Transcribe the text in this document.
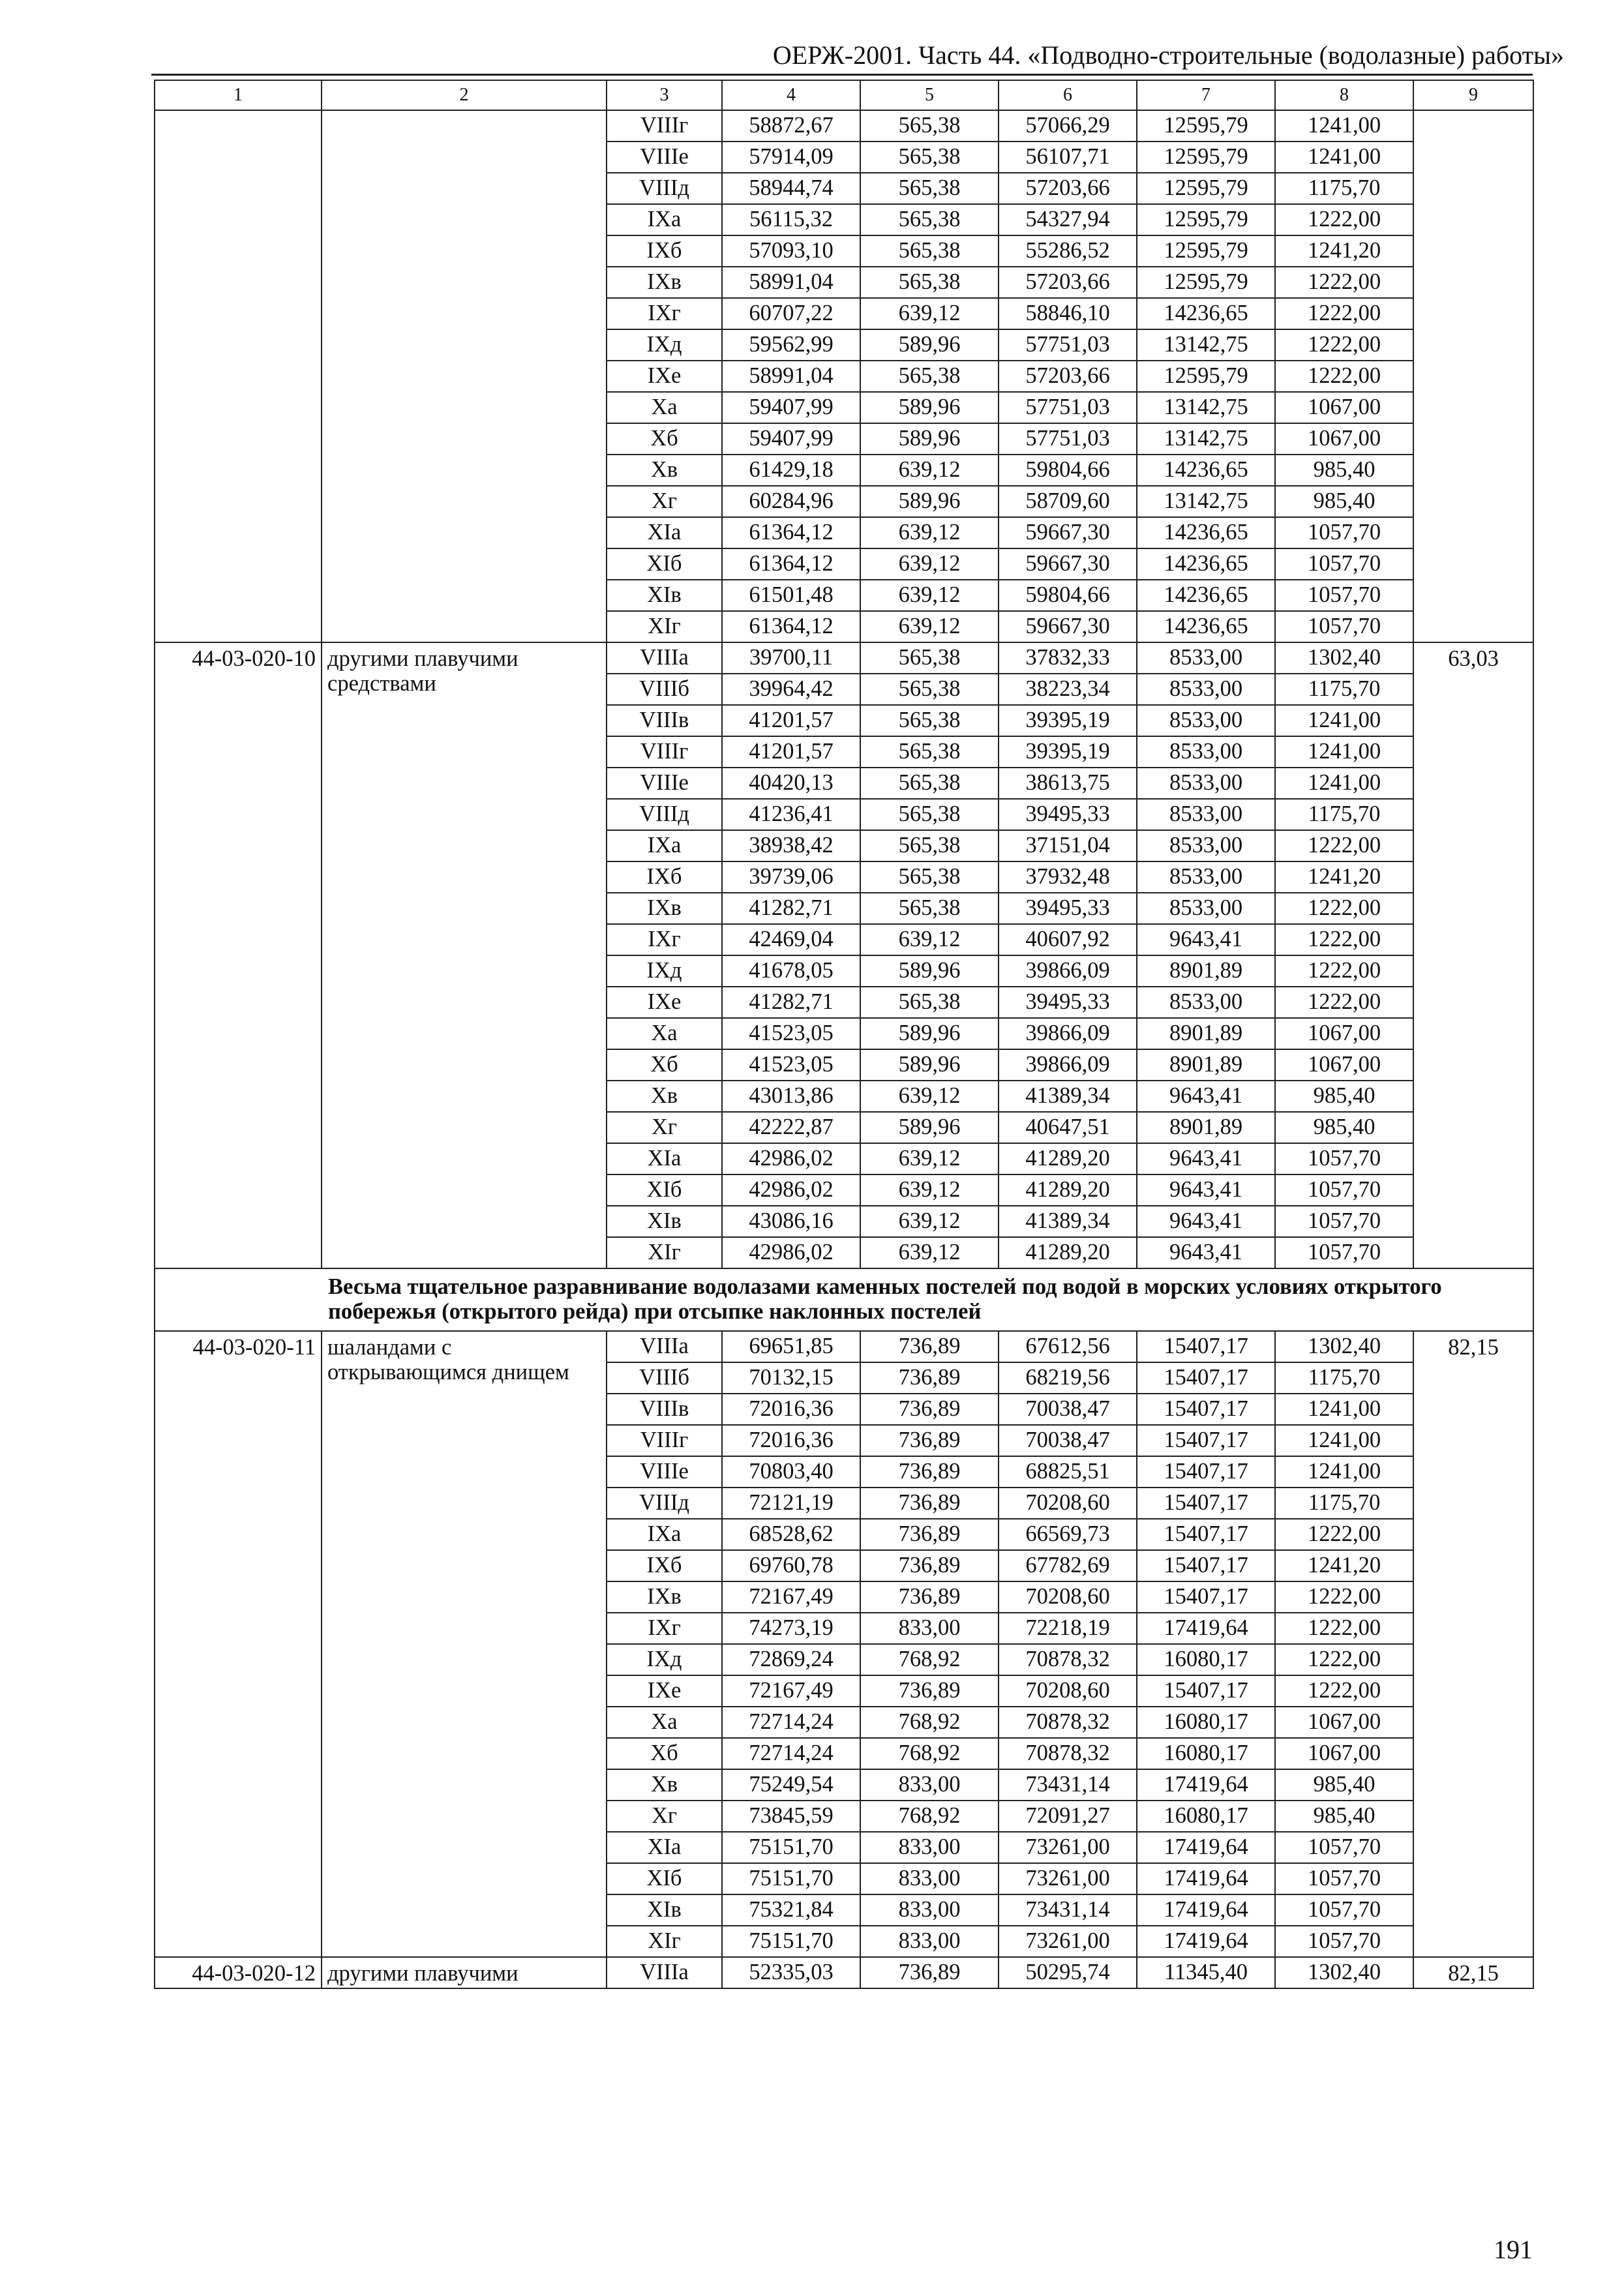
ОЕРЖ-2001. Часть 44. «Подводно-строительные (водолазные) работы»
1	2	3	4	5	6	7	8	9
		VIIIг	58872,67	565,38	57066,29	12595,79	1241,00	
		VIIIе	57914,09	565,38	56107,71	12595,79	1241,00	
		VIIIд	58944,74	565,38	57203,66	12595,79	1175,70	
		IXа	56115,32	565,38	54327,94	12595,79	1222,00	
		IXб	57093,10	565,38	55286,52	12595,79	1241,20	
		IXв	58991,04	565,38	57203,66	12595,79	1222,00	
		IXг	60707,22	639,12	58846,10	14236,65	1222,00	
		IXд	59562,99	589,96	57751,03	13142,75	1222,00	
		IXе	58991,04	565,38	57203,66	12595,79	1222,00	
		Xа	59407,99	589,96	57751,03	13142,75	1067,00	
		Xб	59407,99	589,96	57751,03	13142,75	1067,00	
		Xв	61429,18	639,12	59804,66	14236,65	985,40	
		Xг	60284,96	589,96	58709,60	13142,75	985,40	
		XIа	61364,12	639,12	59667,30	14236,65	1057,70	
		XIб	61364,12	639,12	59667,30	14236,65	1057,70	
		XIв	61501,48	639,12	59804,66	14236,65	1057,70	
		XIг	61364,12	639,12	59667,30	14236,65	1057,70	
44-03-020-10	другими плавучими средствами	VIIIа	39700,11	565,38	37832,33	8533,00	1302,40	63,03
		VIIIб	39964,42	565,38	38223,34	8533,00	1175,70	
		VIIIв	41201,57	565,38	39395,19	8533,00	1241,00	
		VIIIг	41201,57	565,38	39395,19	8533,00	1241,00	
		VIIIе	40420,13	565,38	38613,75	8533,00	1241,00	
		VIIIд	41236,41	565,38	39495,33	8533,00	1175,70	
		IXа	38938,42	565,38	37151,04	8533,00	1222,00	
		IXб	39739,06	565,38	37932,48	8533,00	1241,20	
		IXв	41282,71	565,38	39495,33	8533,00	1222,00	
		IXг	42469,04	639,12	40607,92	9643,41	1222,00	
		IXд	41678,05	589,96	39866,09	8901,89	1222,00	
		IXе	41282,71	565,38	39495,33	8533,00	1222,00	
		Xа	41523,05	589,96	39866,09	8901,89	1067,00	
		Xб	41523,05	589,96	39866,09	8901,89	1067,00	
		Xв	43013,86	639,12	41389,34	9643,41	985,40	
		Xг	42222,87	589,96	40647,51	8901,89	985,40	
		XIа	42986,02	639,12	41289,20	9643,41	1057,70	
		XIб	42986,02	639,12	41289,20	9643,41	1057,70	
		XIв	43086,16	639,12	41389,34	9643,41	1057,70	
		XIг	42986,02	639,12	41289,20	9643,41	1057,70	
Весьма тщательное разравнивание водолазами каменных постелей под водой в морских условиях открытого побережья (открытого рейда) при отсыпке наклонных постелей								
44-03-020-11	шаландами с открывающимся днищем	VIIIа	69651,85	736,89	67612,56	15407,17	1302,40	82,15
		VIIIб	70132,15	736,89	68219,56	15407,17	1175,70	
		VIIIв	72016,36	736,89	70038,47	15407,17	1241,00	
		VIIIг	72016,36	736,89	70038,47	15407,17	1241,00	
		VIIIе	70803,40	736,89	68825,51	15407,17	1241,00	
		VIIIд	72121,19	736,89	70208,60	15407,17	1175,70	
		IXа	68528,62	736,89	66569,73	15407,17	1222,00	
		IXб	69760,78	736,89	67782,69	15407,17	1241,20	
		IXв	72167,49	736,89	70208,60	15407,17	1222,00	
		IXг	74273,19	833,00	72218,19	17419,64	1222,00	
		IXд	72869,24	768,92	70878,32	16080,17	1222,00	
		IXе	72167,49	736,89	70208,60	15407,17	1222,00	
		Xа	72714,24	768,92	70878,32	16080,17	1067,00	
		Xб	72714,24	768,92	70878,32	16080,17	1067,00	
		Xв	75249,54	833,00	73431,14	17419,64	985,40	
		Xг	73845,59	768,92	72091,27	16080,17	985,40	
		XIа	75151,70	833,00	73261,00	17419,64	1057,70	
		XIб	75151,70	833,00	73261,00	17419,64	1057,70	
		XIв	75321,84	833,00	73431,14	17419,64	1057,70	
		XIг	75151,70	833,00	73261,00	17419,64	1057,70	
44-03-020-12	другими плавучими	VIIIа	52335,03	736,89	50295,74	11345,40	1302,40	82,15
191
